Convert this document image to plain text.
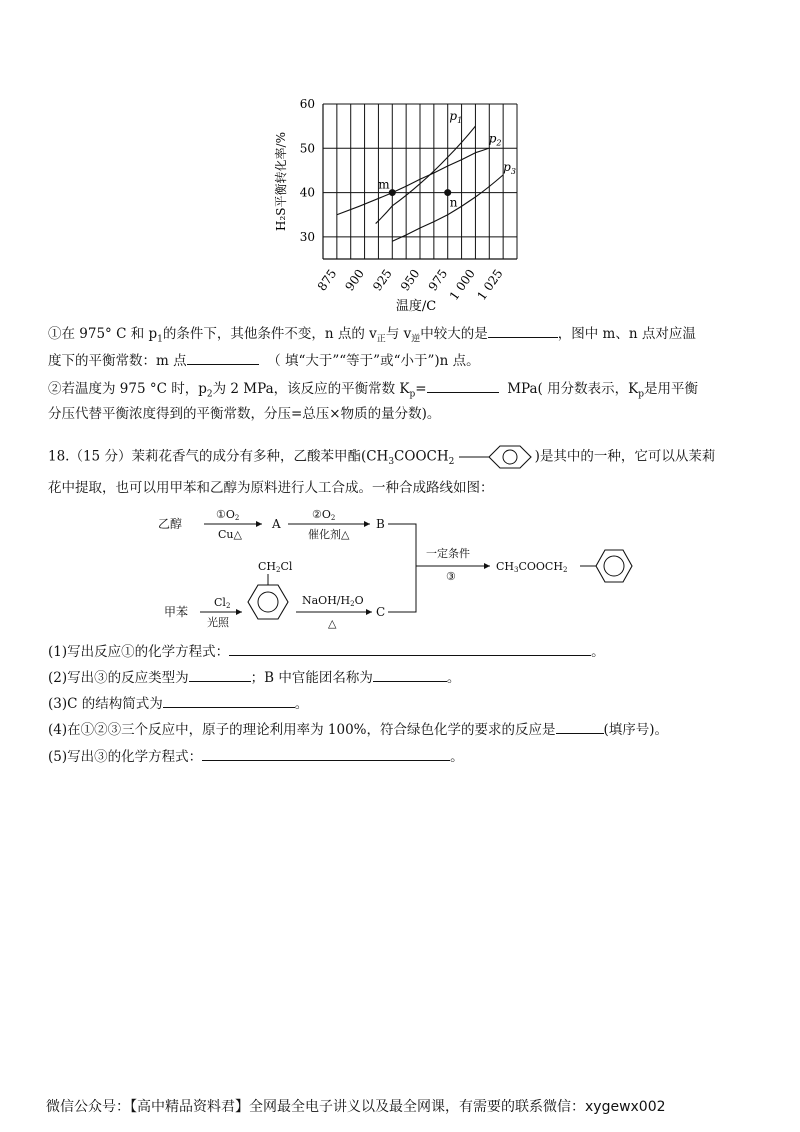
30
40
50
60
875 900 925 950 975
1 000
1 025
温度/C
H₂S平衡转化率/%
$p_1$
$p_2$
$p_3$
m
n
①在 975° C 和 $p_1$的条件下，其他条件不变，n 点的 $v_正$与 $v_逆$中较大的是	，图中 m、n 点对应温
度下的平衡常数：m 点	（ 填“大于”“等于”或“小于”)n 点。
②若温度为 975 °C 时，$p_2$为 2 MPa，该反应的平衡常数 $K_p=$	MPa( 用分数表示，$K_p$是用平衡
分压代替平衡浓度得到的平衡常数，分压=总压×物质的量分数)。
18.（15 分）茉莉花香气的成分有多种，乙酸苯甲酯($CH_3COOCH_2$	)是其中的一种，它可以从茉莉
花中提取，也可以用甲苯和乙醇为原料进行人工合成。一种合成路线如图：
乙醇
①O2
Cu△
A
②O2
催化剂△
B
一定条件
③
CH3COOCH2
甲苯
Cl2
光照
CH2Cl
NaOH/H2O
△
C
(1)写出反应①的化学方程式：	。
(2)写出③的反应类型为	；B 中官能团名称为	。
(3)C 的结构简式为	。
(4)在①②③三个反应中，原子的理论利用率为 100%，符合绿色化学的要求的反应是	(填序号)。
(5)写出③的化学方程式：	。
微信公众号：【高中精品资料君】全网最全电子讲义以及最全网课，有需要的联系微信：xygewx002
